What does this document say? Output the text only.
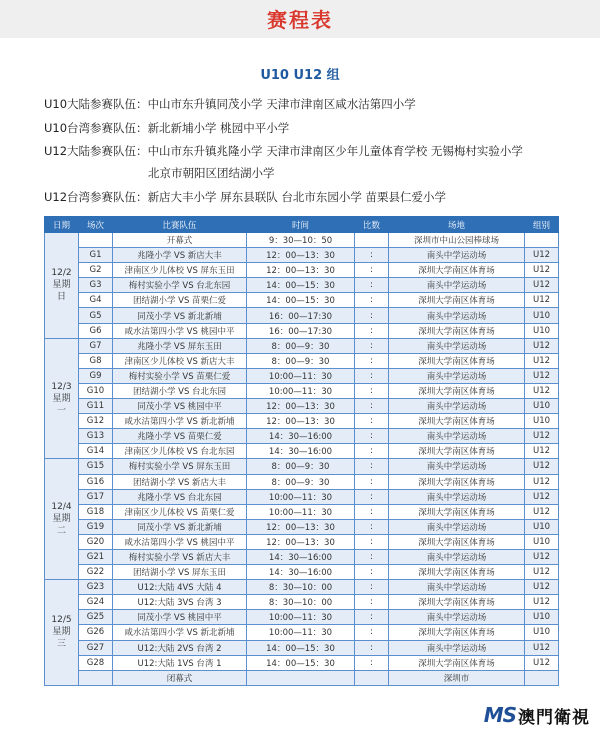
赛程表
U10 U12 组
U10大陆参赛队伍：中山市东升镇同茂小学 天津市津南区咸水沽第四小学
U10台湾参赛队伍：新北新埔小学 桃园中平小学
U12大陆参赛队伍：中山市东升镇兆隆小学 天津市津南区少年儿童体育学校 无锡梅村实验小学
北京市朝阳区团结湖小学
U12台湾参赛队伍：新店大丰小学 屏东县联队 台北市东园小学 苗栗县仁爱小学
日期	场次	比赛队伍	时间	比数	场地	组别

12/2
星期
日		开幕式	9：30—10：50		深圳市中山公园棒球场	
	G1	兆隆小学 VS 新店大丰	12：00—13：30	:	南头中学运动场	U12
	G2	津南区少儿体校 VS 屏东玉田	12：00—13：30	:	深圳大学南区体育场	U12
	G3	梅村实验小学 VS 台北东园	14：00—15：30	:	南头中学运动场	U12
	G4	团结湖小学 VS 苗栗仁爱	14：00—15：30	:	深圳大学南区体育场	U12
	G5	同茂小学 VS 新北新埔	16：00—17:30	:	南头中学运动场	U10
	G6	咸水沽第四小学 VS 桃园中平	16：00—17:30	:	深圳大学南区体育场	U10

12/3
星期
一	G7	兆隆小学 VS 屏东玉田	8：00—9：30	:	南头中学运动场	U12
	G8	津南区少儿体校 VS 新店大丰	8：00—9：30	:	深圳大学南区体育场	U12
	G9	梅村实验小学 VS 苗栗仁爱	10:00—11：30	:	南头中学运动场	U12
	G10	团结湖小学 VS 台北东园	10:00—11：30	:	深圳大学南区体育场	U12
	G11	同茂小学 VS 桃园中平	12：00—13：30	:	南头中学运动场	U10
	G12	咸水沽第四小学 VS 新北新埔	12：00—13：30	:	深圳大学南区体育场	U10
	G13	兆隆小学 VS 苗栗仁爱	14：30—16:00	:	南头中学运动场	U12
	G14	津南区少儿体校 VS 台北东园	14：30—16:00	:	深圳大学南区体育场	U12

12/4
星期
二	G15	梅村实验小学 VS 屏东玉田	8：00—9：30	:	南头中学运动场	U12
	G16	团结湖小学 VS 新店大丰	8：00—9：30	:	深圳大学南区体育场	U12
	G17	兆隆小学 VS 台北东园	10:00—11：30	:	南头中学运动场	U12
	G18	津南区少儿体校 VS 苗栗仁爱	10:00—11：30	:	深圳大学南区体育场	U12
	G19	同茂小学 VS 新北新埔	12：00—13：30	:	南头中学运动场	U10
	G20	咸水沽第四小学 VS 桃园中平	12：00—13：30	:	深圳大学南区体育场	U10
	G21	梅村实验小学 VS 新店大丰	14：30—16:00	:	南头中学运动场	U12
	G22	团结湖小学 VS 屏东玉田	14：30—16:00	:	深圳大学南区体育场	U12

12/5
星期
三	G23	U12:大陆 4VS 大陆 4	8：30—10：00	:	南头中学运动场	U12
	G24	U12:大陆 3VS 台湾 3	8：30—10：00	:	深圳大学南区体育场	U12
	G25	同茂小学 VS 桃园中平	10:00—11：30	:	南头中学运动场	U10
	G26	咸水沽第四小学 VS 新北新埔	10:00—11：30	:	深圳大学南区体育场	U10
	G27	U12:大陆 2VS 台湾 2	14：00—15：30	:	南头中学运动场	U12
	G28	U12:大陆 1VS 台湾 1	14：00—15：30	:	深圳大学南区体育场	U12
		闭幕式			深圳市	
MS 澳門衛視
